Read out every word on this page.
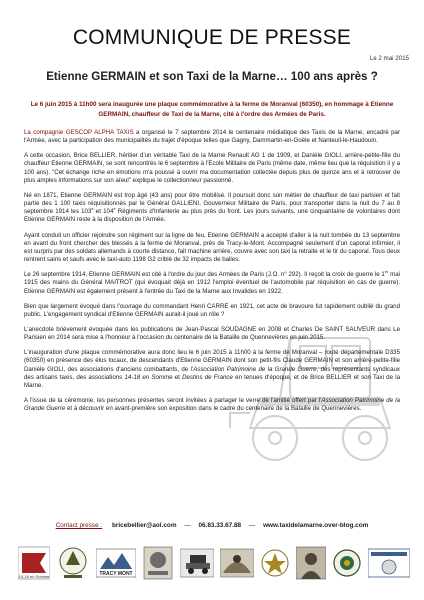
COMMUNIQUE DE PRESSE
Le 2 mai 2015
Etienne GERMAIN et son Taxi de la Marne… 100 ans après ?
Le 6 juin 2015 à 11h00 sera inaugurée une plaque commémorative à la ferme de Moranval (60350), en hommage à Etienne GERMAIN, chauffeur de Taxi de la Marne, cité à l'ordre des Armées de Paris.

La compagnie GESCOP ALPHA TAXIS a organisé le 7 septembre 2014 le centenaire médiatique des Taxis de la Marne, encadré par l'Armée, avec la participation des municipalités du trajet d'époque telles que Gagny, Dammartin-en-Goële et Nanteuil-le-Haudouin.

A cette occasion, Brice BELLIER, héritier d'un véritable Taxi de la Marne Renault AG 1 de 1909, et Danièle GIOLI, arrière-petite-fille du chauffeur Etienne GERMAIN, se sont rencontrés le 6 septembre à l'Ecole Militaire de Paris (même date, même lieu que la réquisition il y a 100 ans). "Cet échange riche en émotions m'a poussé à ouvrir ma documentation collectée depuis plus de quinze ans et à retrouver de plus amples informations sur son aïeul" explique le collectionneur passionné.

Né en 1871, Etienne GERMAIN est trop âgé (43 ans) pour être mobilisé. Il poursuit donc son métier de chauffeur de taxi parisien et fait partie des 1 100 taxis réquisitionnés par le Général GALLIENI, Gouverneur Militaire de Paris, pour transporter dans la nuit du 7 au 8 septembre 1914 les 103e et 104e Régiments d'Infanterie au plus près du front. Les jours suivants, une cinquantaine de volontaires dont Etienne GERMAIN reste à la disposition de l'Armée.

Ayant conduit un officier rejoindre son régiment sur la ligne de feu, Etienne GERMAIN a accepté d'aller à la nuit tombée du 13 septembre en avant du front chercher des blessés à la ferme de Moranval, près de Tracy-le-Mont. Accompagné seulement d'un caporal infirmier, il est surpris par des soldats allemands à courte distance, fait machine arrière, couvre avec son taxi la retraite et le tir du caporal. Tous deux rentrent sains et saufs avec le taxi-auto 1198 G2 criblé de 32 impacts de balles.

Le 26 septembre 1914, Etienne GERMAIN est cité à l'ordre du jour des Armées de Paris (J.O. n° 292). Il reçoit la croix de guerre le 1er mai 1915 des mains du Général MAITROT (qui évoquait déjà en 1912 l'emploi éventuel de l'automobile par réquisition en cas de guerre). Etienne GERMAIN est également présent à l'entrée du Taxi de la Marne aux Invalides en 1922.

Bien que largement évoqué dans l'ouvrage du commandant Henri CARRE en 1921, cet acte de bravoure fut rapidement oublié du grand public. L'engagement syndical d'Etienne GERMAIN aurait-il joué un rôle ?

L'anecdote brièvement évoquée dans les publications de Jean-Pascal SOUDAGNE en 2008 et Charles De SAINT SAUVEUR dans Le Parisien en 2014 sera mise à l'honneur à l'occasion du centenaire de la Bataille de Quennevières en juin 2015.

L'inauguration d'une plaque commémorative aura donc lieu le 6 juin 2015 à 11h00 à la ferme de Moranval – route départementale D335 (60350) en présence des élus locaux, de descendants d'Etienne GERMAIN dont son petit-fils Claude GERMAIN et son arrière-petite-fille Danièle GIOLI, des associations d'anciens combattants, de l'Association Patrimoine de la Grande Guerre, des représentants syndicaux des artisans taxis, des associations 14-18 en Somme et Destins de France en tenues d'époque, et de Brice BELLIER et son Taxi de la Marne.

A l'issue de la cérémonie, les personnes présentes seront invitées à partager le verre de l'amitié offert par l'Association Patrimoine de la Grande Guerre et à découvrir en avant-première son exposition dans le cadre du centenaire de la Bataille de Quennevières.

Contact presse : bricebellier@aol.com — 06.83.33.67.88 — www.taxidelamarne.over-blog.com
14-18 en Somme	TRACY MONT
